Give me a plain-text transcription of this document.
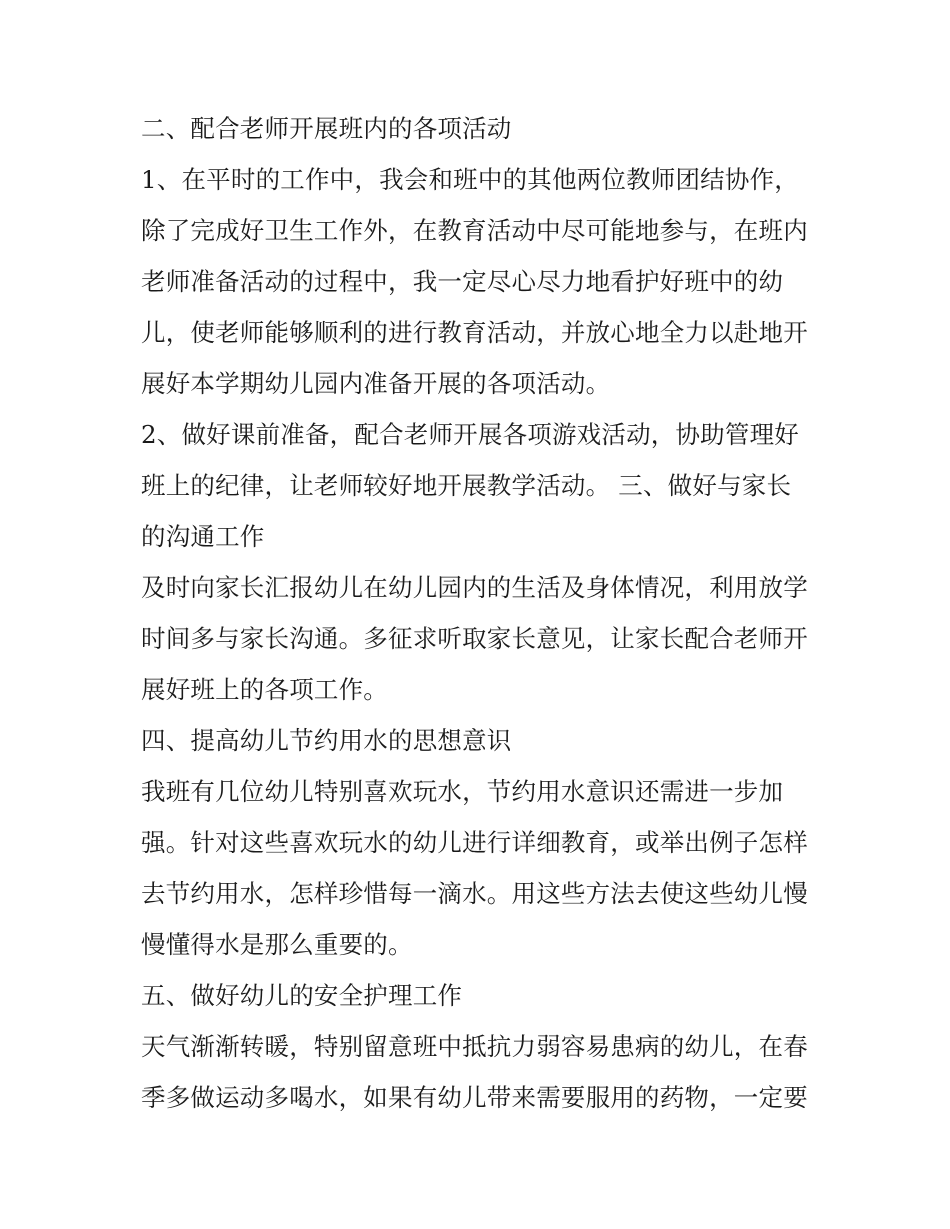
二、配合老师开展班内的各项活动
1、在平时的工作中，我会和班中的其他两位教师团结协作，
除了完成好卫生工作外，在教育活动中尽可能地参与，在班内
老师准备活动的过程中，我一定尽心尽力地看护好班中的幼
儿，使老师能够顺利的进行教育活动，并放心地全力以赴地开
展好本学期幼儿园内准备开展的各项活动。
2、做好课前准备，配合老师开展各项游戏活动，协助管理好
班上的纪律，让老师较好地开展教学活动。 三、做好与家长
的沟通工作
及时向家长汇报幼儿在幼儿园内的生活及身体情况，利用放学
时间多与家长沟通。多征求听取家长意见，让家长配合老师开
展好班上的各项工作。
四、提高幼儿节约用水的思想意识
我班有几位幼儿特别喜欢玩水，节约用水意识还需进一步加
强。针对这些喜欢玩水的幼儿进行详细教育，或举出例子怎样
去节约用水，怎样珍惜每一滴水。用这些方法去使这些幼儿慢
慢懂得水是那么重要的。
五、做好幼儿的安全护理工作
天气渐渐转暖，特别留意班中抵抗力弱容易患病的幼儿，在春
季多做运动多喝水，如果有幼儿带来需要服用的药物，一定要
